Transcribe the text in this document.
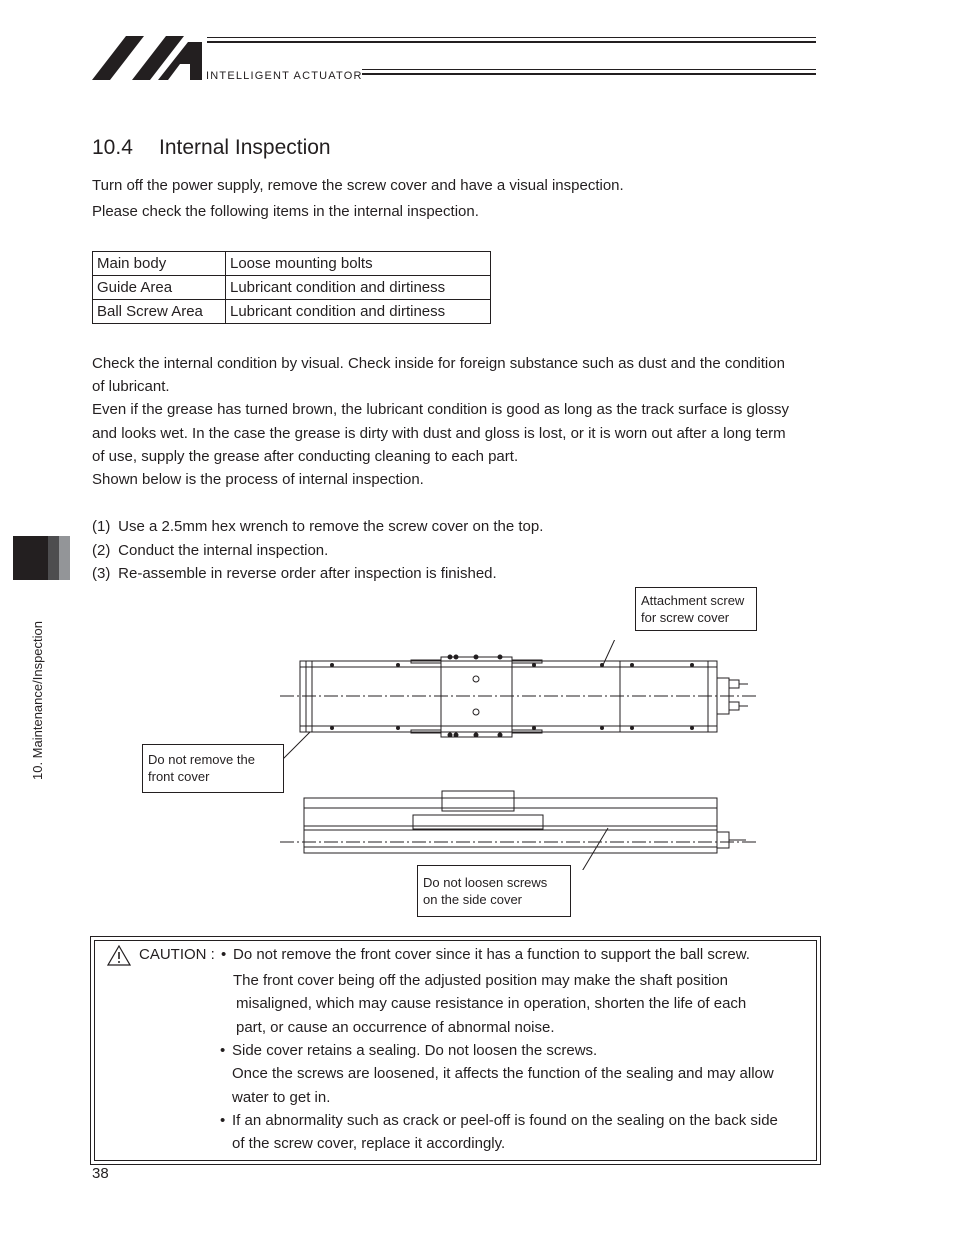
INTELLIGENT ACTUATOR
10.4 Internal Inspection

Turn off the power supply, remove the screw cover and have a visual inspection.

Please check the following items in the internal inspection.

Main body	Loose mounting bolts
Guide Area	Lubricant condition and dirtiness
Ball Screw Area	Lubricant condition and dirtiness

Check the internal condition by visual. Check inside for foreign substance such as dust and the condition

of lubricant.

Even if the grease has turned brown, the lubricant condition is good as long as the track surface is glossy

and looks wet. In the case the grease is dirty with dust and gloss is lost, or it is worn out after a long term

of use, supply the grease after conducting cleaning to each part.

Shown below is the process of internal inspection.

(1) Use a 2.5mm hex wrench to remove the screw cover on the top.
(2) Conduct the internal inspection.
(3) Re-assemble in reverse order after inspection is finished.
10. Maintenance/Inspection
Attachment screw
for screw cover
Do not remove the
front cover
Do not loosen screws
on the side cover
CAUTION : • Do not remove the front cover since it has a function to support the ball screw.
The front cover being off the adjusted position may make the shaft position
misaligned, which may cause resistance in operation, shorten the life of each
part, or cause an occurrence of abnormal noise.
• Side cover retains a sealing. Do not loosen the screws.
Once the screws are loosened, it affects the function of the sealing and may allow
water to get in.
• If an abnormality such as crack or peel-off is found on the sealing on the back side
of the screw cover, replace it accordingly.
38
